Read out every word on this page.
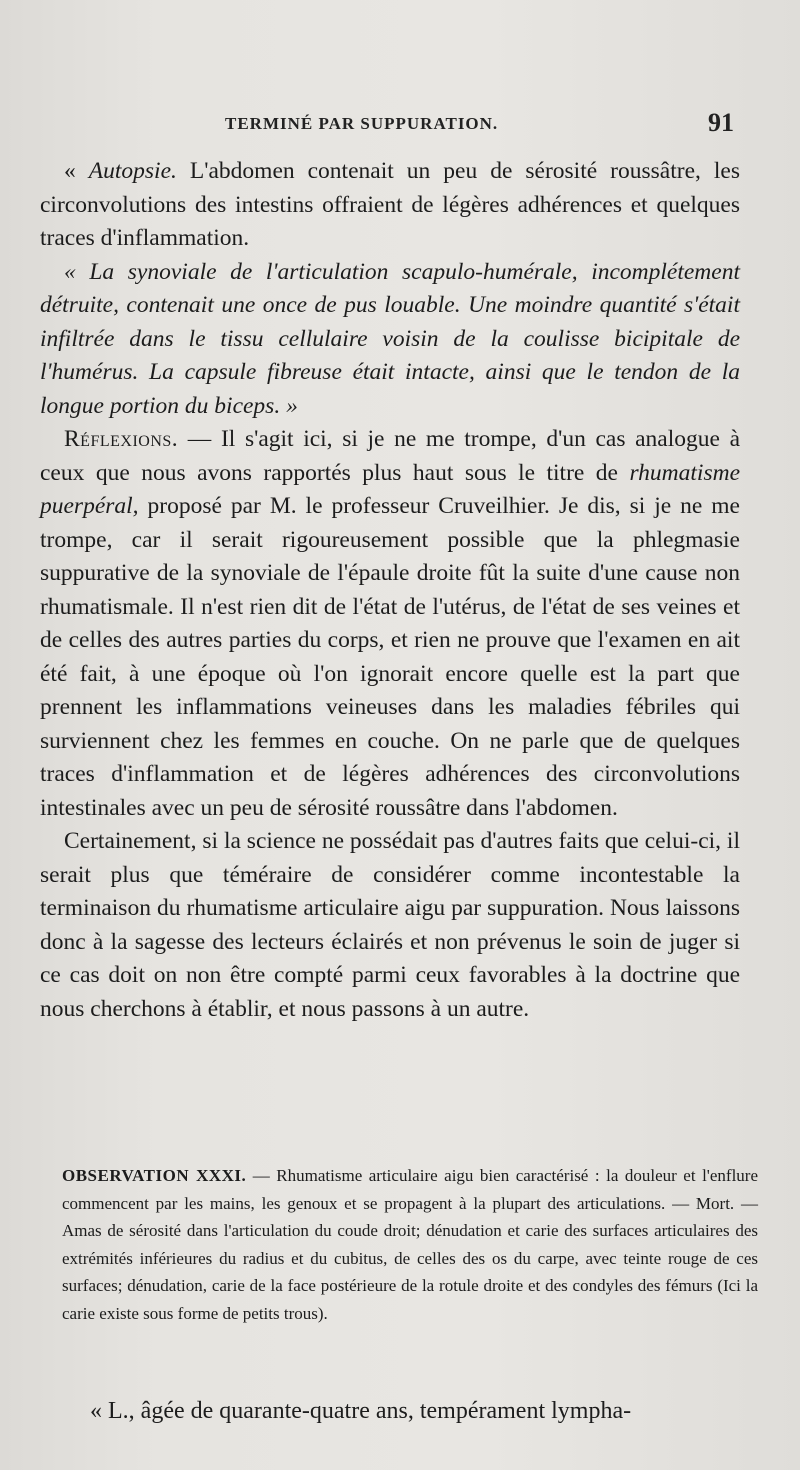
TERMINÉ PAR SUPPURATION.	91

« Autopsie. L'abdomen contenait un peu de sérosité roussâtre, les circonvolutions des intestins offraient de légères adhérences et quelques traces d'inflammation.

« La synoviale de l'articulation scapulo-humérale, incomplétement détruite, contenait une once de pus louable. Une moindre quantité s'était infiltrée dans le tissu cellulaire voisin de la coulisse bicipitale de l'humérus. La capsule fibreuse était intacte, ainsi que le tendon de la longue portion du biceps. »

Réflexions. — Il s'agit ici, si je ne me trompe, d'un cas analogue à ceux que nous avons rapportés plus haut sous le titre de rhumatisme puerpéral, proposé par M. le professeur Cruveilhier. Je dis, si je ne me trompe, car il serait rigoureusement possible que la phlegmasie suppurative de la synoviale de l'épaule droite fût la suite d'une cause non rhumatismale. Il n'est rien dit de l'état de l'utérus, de l'état de ses veines et de celles des autres parties du corps, et rien ne prouve que l'examen en ait été fait, à une époque où l'on ignorait encore quelle est la part que prennent les inflammations veineuses dans les maladies fébriles qui surviennent chez les femmes en couche. On ne parle que de quelques traces d'inflammation et de légères adhérences des circonvolutions intestinales avec un peu de sérosité roussâtre dans l'abdomen.

Certainement, si la science ne possédait pas d'autres faits que celui-ci, il serait plus que téméraire de considérer comme incontestable la terminaison du rhumatisme articulaire aigu par suppuration. Nous laissons donc à la sagesse des lecteurs éclairés et non prévenus le soin de juger si ce cas doit on non être compté parmi ceux favorables à la doctrine que nous cherchons à établir, et nous passons à un autre.

OBSERVATION XXXI. — Rhumatisme articulaire aigu bien caractérisé : la douleur et l'enflure commencent par les mains, les genoux et se propagent à la plupart des articulations. — Mort. — Amas de sérosité dans l'articulation du coude droit; dénudation et carie des surfaces articulaires des extrémités inférieures du radius et du cubitus, de celles des os du carpe, avec teinte rouge de ces surfaces; dénudation, carie de la face postérieure de la rotule droite et des condyles des fémurs (Ici la carie existe sous forme de petits trous).
« L., âgée de quarante-quatre ans, tempérament lympha-
